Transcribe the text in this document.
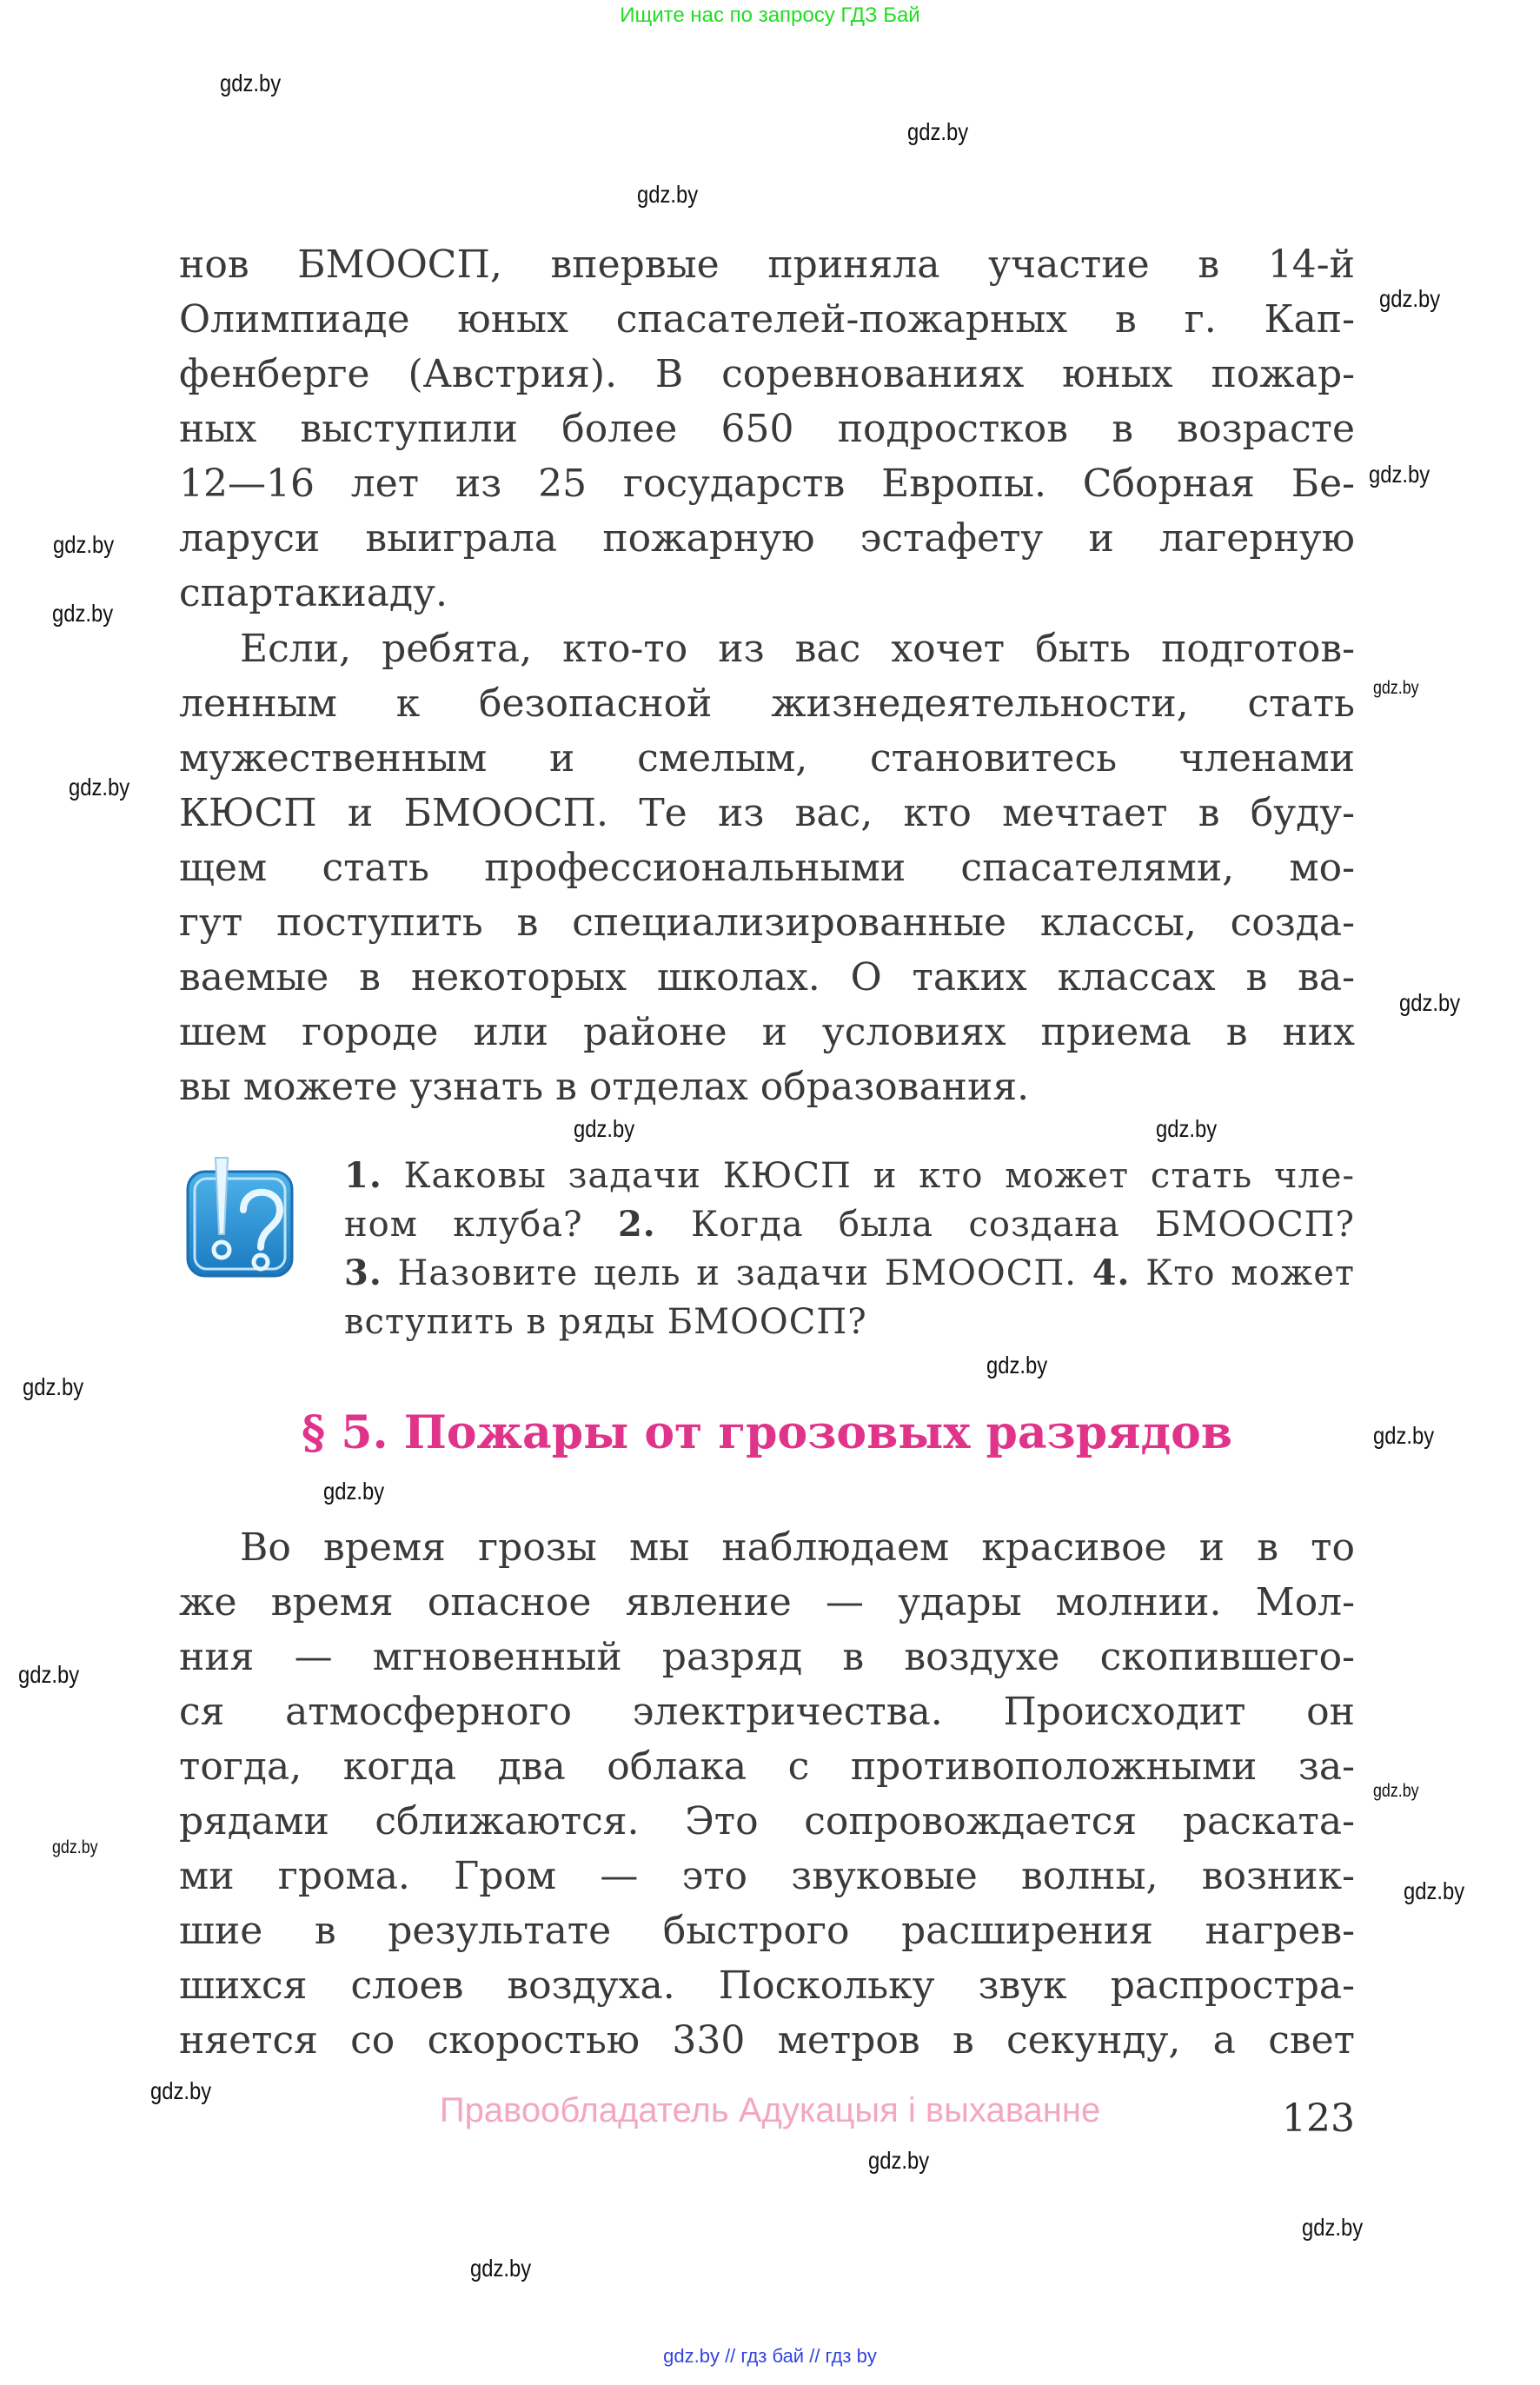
Ищите нас по запросу ГДЗ Бай
нов БМООСП, впервые приняла участие в 14-й
Олимпиаде юных спасателей-пожарных в г. Кап-
фенберге (Австрия). В соревнованиях юных пожар-
ных выступили более 650 подростков в возрасте
12—16 лет из 25 государств Европы. Сборная Бе-
ларуси выиграла пожарную эстафету и лагерную
спартакиаду.
Если, ребята, кто-то из вас хочет быть подготов-
ленным к безопасной жизнедеятельности, стать
мужественным и смелым, становитесь членами
КЮСП и БМООСП. Те из вас, кто мечтает в буду-
щем стать профессиональными спасателями, мо-
гут поступить в специализированные классы, созда-
ваемые в некоторых школах. О таких классах в ва-
шем городе или районе и условиях приема в них
вы можете узнать в отделах образования.
Во время грозы мы наблюдаем красивое и в то
же время опасное явление — удары молнии. Мол-
ния — мгновенный разряд в воздухе скопившего-
ся атмосферного электричества. Происходит он
тогда, когда два облака с противоположными за-
рядами сближаются. Это сопровождается раската-
ми грома. Гром — это звуковые волны, возник-
шие в результате быстрого расширения нагрев-
шихся слоев воздуха. Поскольку звук распростра-
няется со скоростью 330 метров в секунду, а свет
1. Каковы задачи КЮСП и кто может стать чле-
ном клуба? 2. Когда была создана БМООСП?
3. Назовите цель и задачи БМООСП. 4. Кто может
вступить в ряды БМООСП?
§ 5. Пожары от грозовых разрядов
Правообладатель Адукацыя і выхаванне	123
gdz.by // гдз бай // гдз by
gdz.by
gdz.by
gdz.by
gdz.by
gdz.by
gdz.by
gdz.by
gdz.by
gdz.by
gdz.by
gdz.by
gdz.by
gdz.by
gdz.by
gdz.by
gdz.by
gdz.by
gdz.by
gdz.by
gdz.by
gdz.by
gdz.by
gdz.by
gdz.by
